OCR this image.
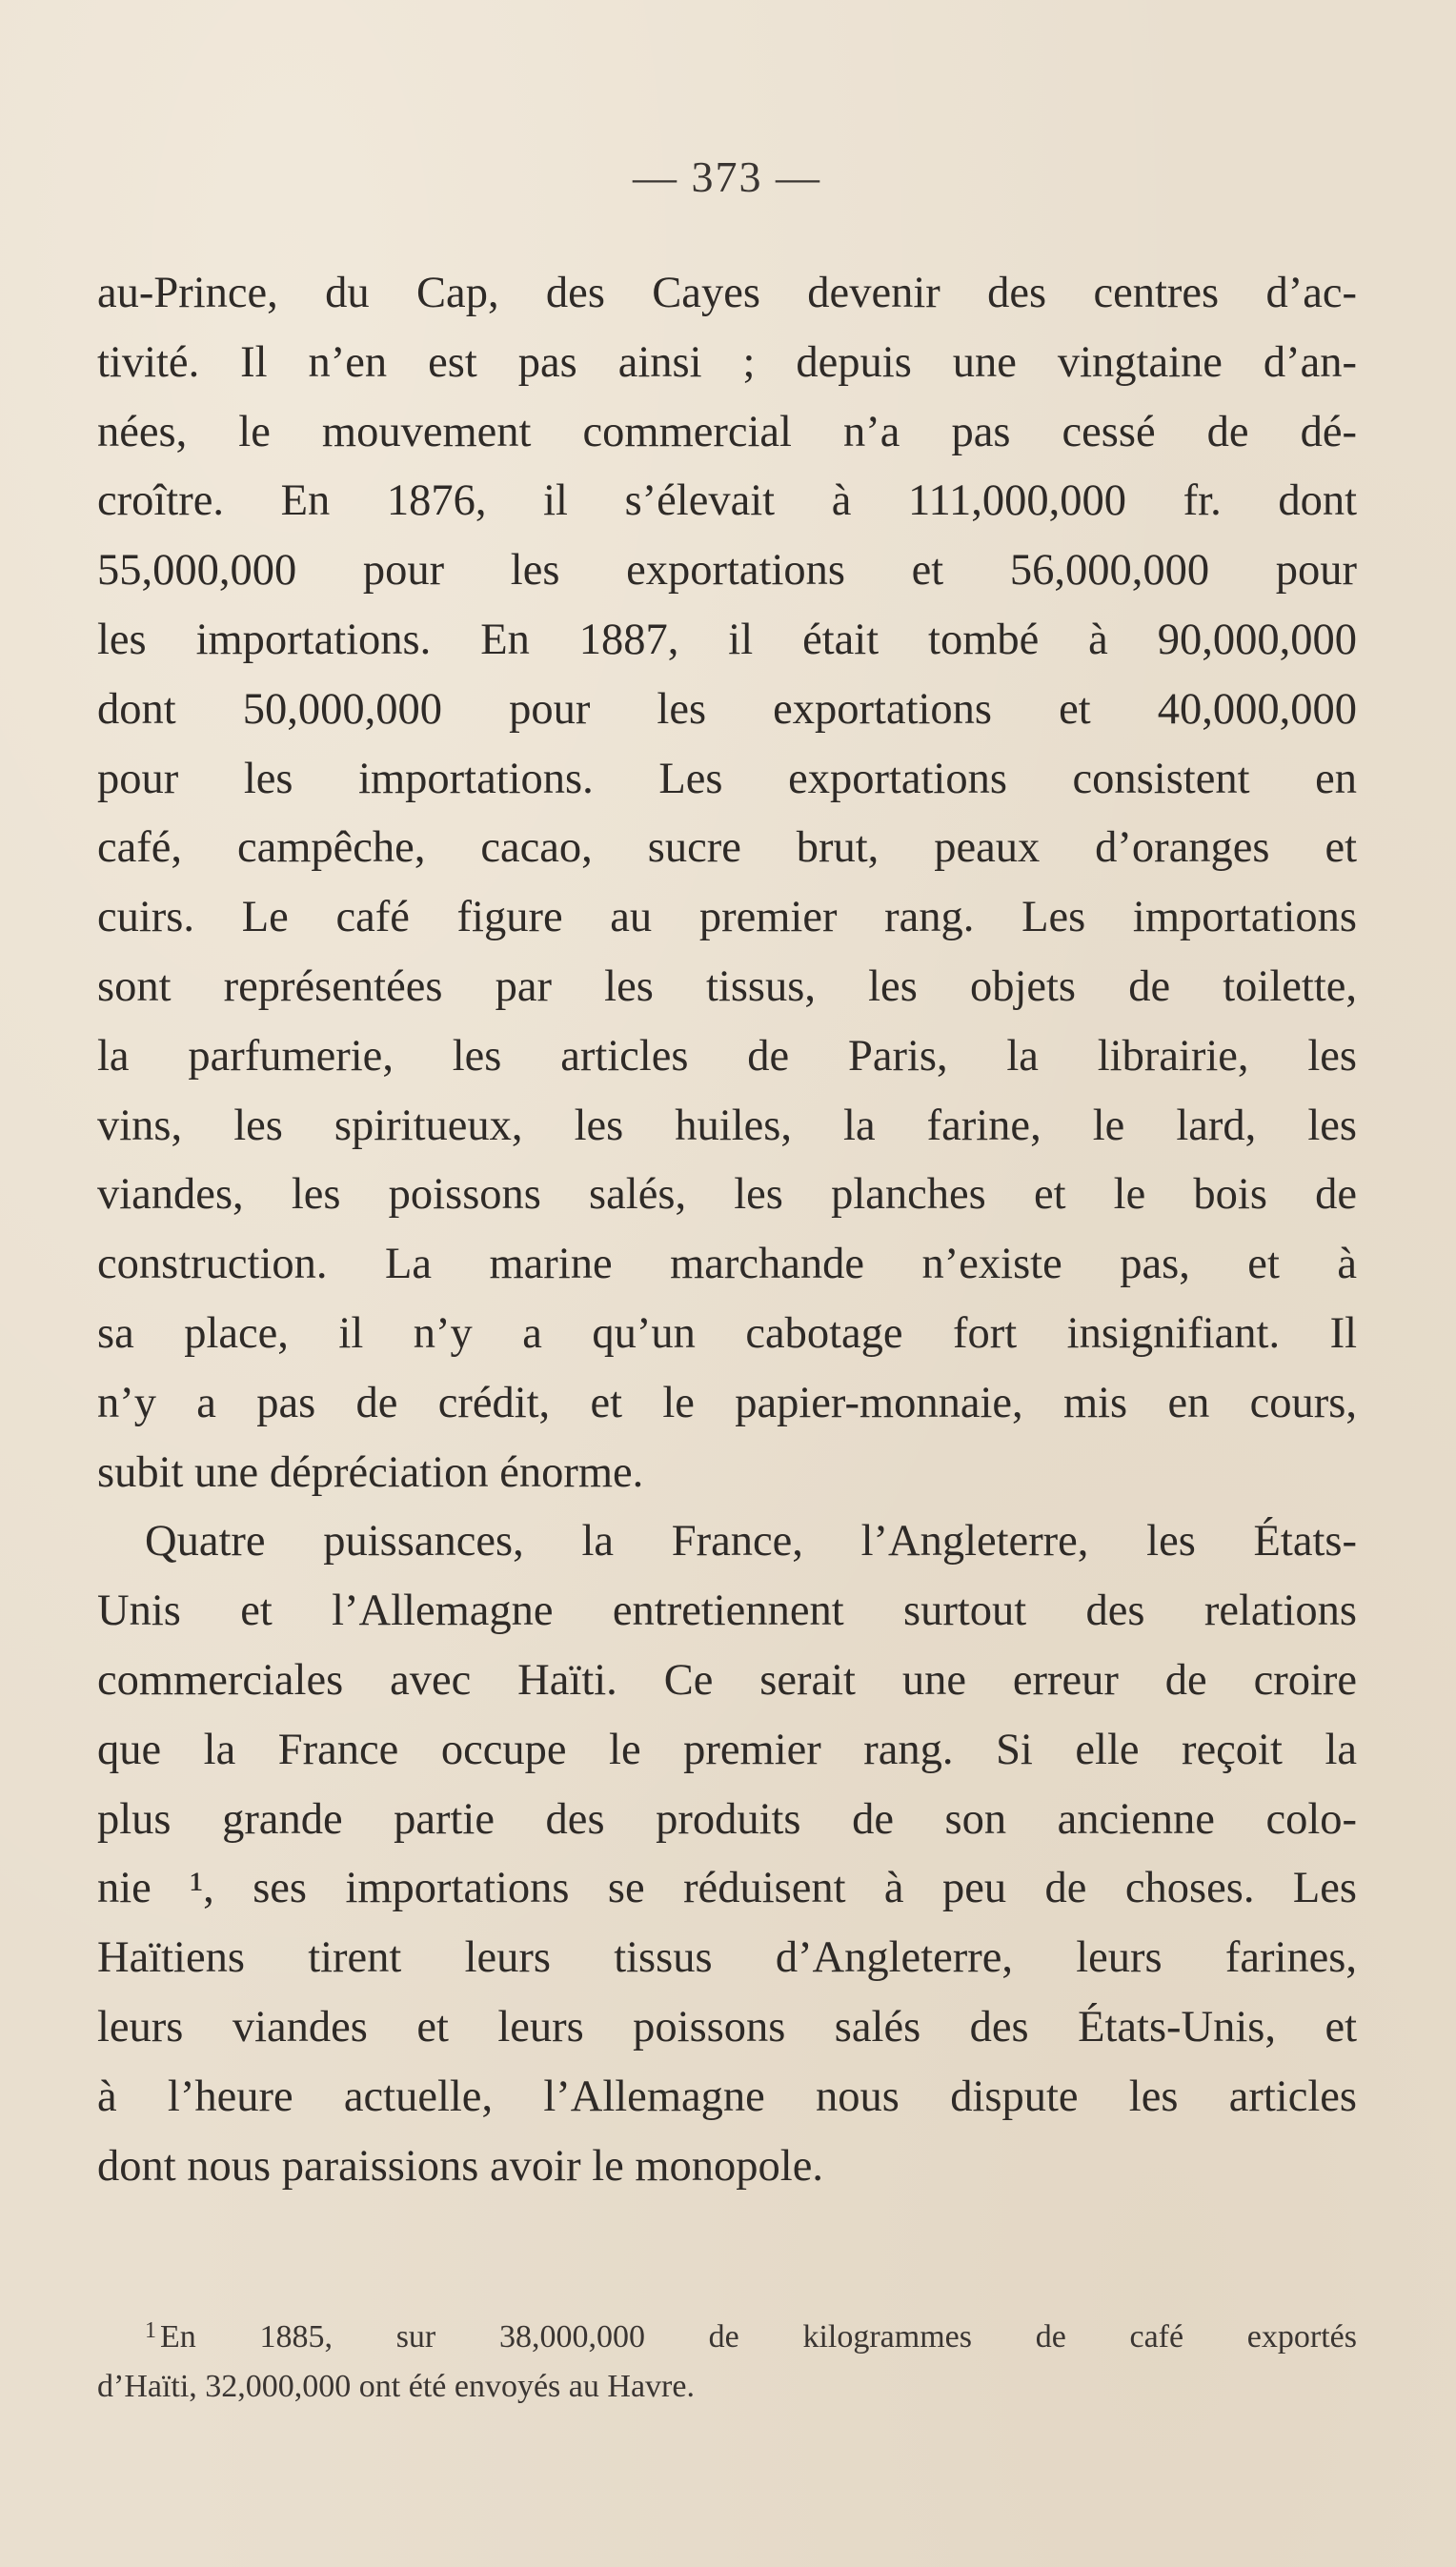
— 373 —
au-Prince, du Cap, des Cayes devenir des centres d’ac-
tivité. Il n’en est pas ainsi ; depuis une vingtaine d’an-
nées, le mouvement commercial n’a pas cessé de dé-
croître. En 1876, il s’élevait à 111,000,000 fr. dont
55,000,000 pour les exportations et 56,000,000 pour
les importations. En 1887, il était tombé à 90,000,000
dont 50,000,000 pour les exportations et 40,000,000
pour les importations. Les exportations consistent en
café, campêche, cacao, sucre brut, peaux d’oranges et
cuirs. Le café figure au premier rang. Les importations
sont représentées par les tissus, les objets de toilette,
la parfumerie, les articles de Paris, la librairie, les
vins, les spiritueux, les huiles, la farine, le lard, les
viandes, les poissons salés, les planches et le bois de
construction. La marine marchande n’existe pas, et à
sa place, il n’y a qu’un cabotage fort insignifiant. Il
n’y a pas de crédit, et le papier-monnaie, mis en cours,
subit une dépréciation énorme.
Quatre puissances, la France, l’Angleterre, les États-
Unis et l’Allemagne entretiennent surtout des relations
commerciales avec Haïti. Ce serait une erreur de croire
que la France occupe le premier rang. Si elle reçoit la
plus grande partie des produits de son ancienne colo-
nie ¹, ses importations se réduisent à peu de choses. Les
Haïtiens tirent leurs tissus d’Angleterre, leurs farines,
leurs viandes et leurs poissons salés des États-Unis, et
à l’heure actuelle, l’Allemagne nous dispute les articles
dont nous paraissions avoir le monopole.
$^1$ En 1885, sur 38,000,000 de kilogrammes de café exportés
d’Haïti, 32,000,000 ont été envoyés au Havre.
